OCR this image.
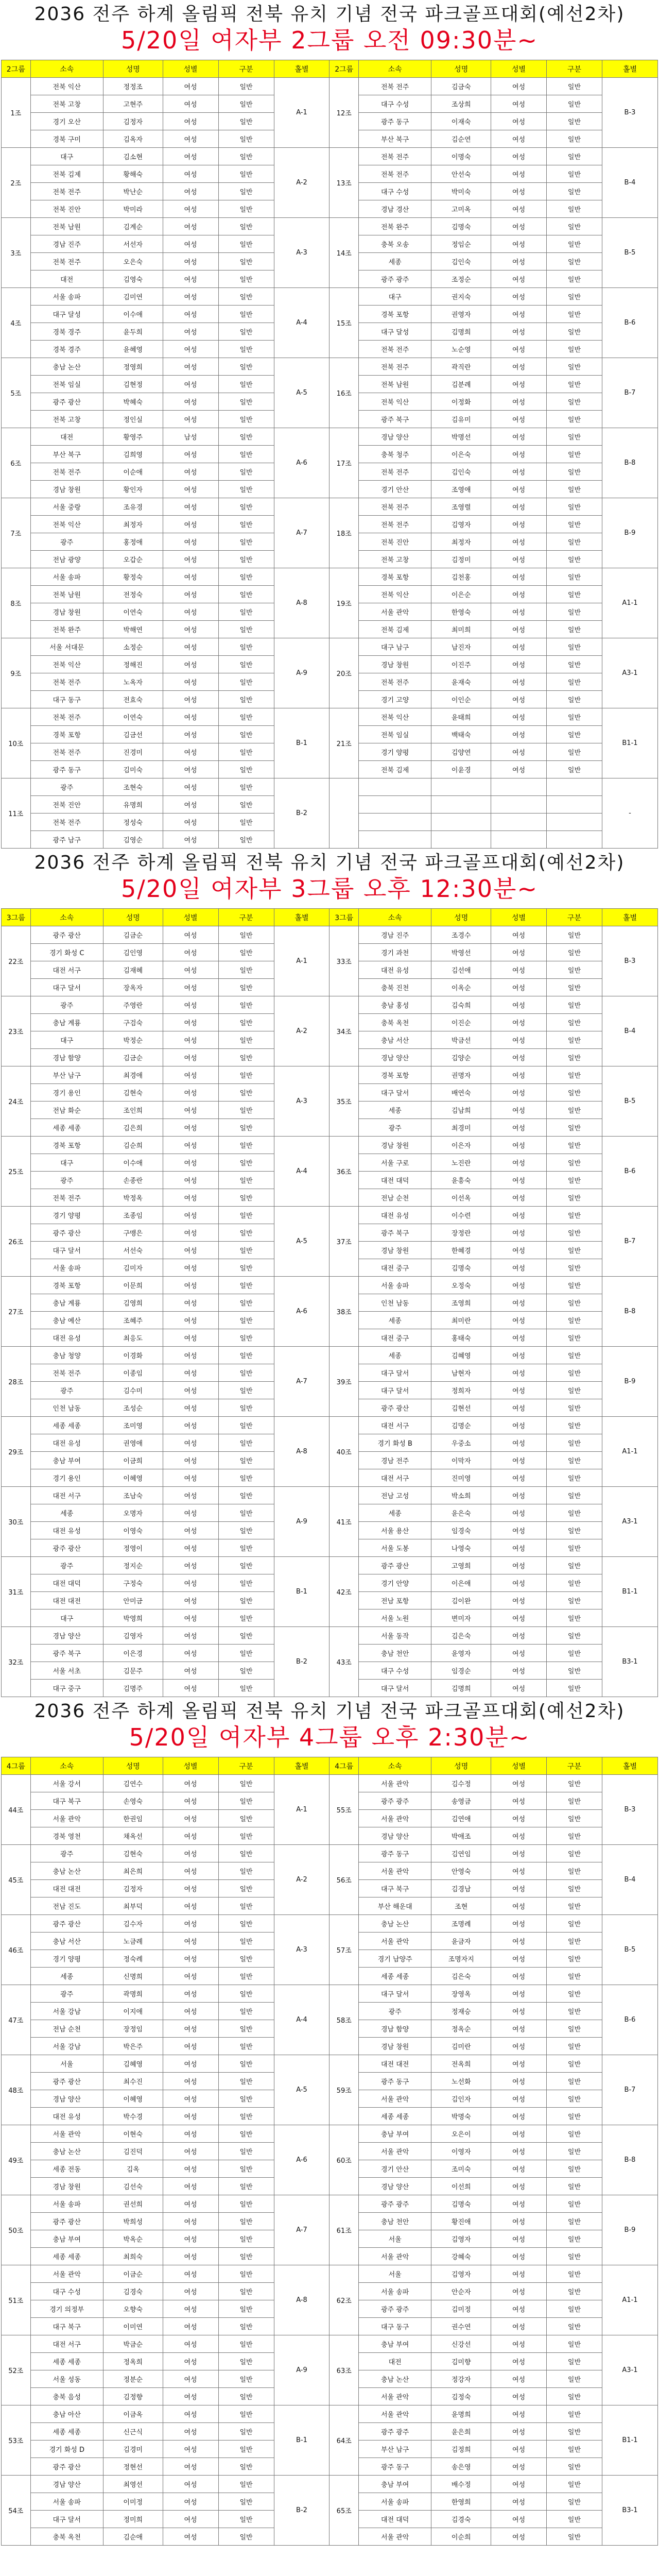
2036 전주 하계 올림픽 전북 유치 기념 전국 파크골프대회(예선2차)
5/20일 여자부 2그룹 오전 09:30분~
2그룹	소속	성명	성별	구분	홀별	2그룹	소속	성명	성별	구분	홀별
1조	전북 익산	정정조	여성	일반	A-1	12조	전북 전주	김금숙	여성	일반	B-3
	전북 고창	고현주	여성	일반			대구 수성	조상희	여성	일반	
	경기 오산	김정자	여성	일반			광주 동구	이재숙	여성	일반	
	경북 구미	김옥자	여성	일반			부산 북구	김순연	여성	일반	
2조	대구	김소현	여성	일반	A-2	13조	전북 전주	이명숙	여성	일반	B-4
	전북 김제	황해숙	여성	일반			전북 전주	안선숙	여성	일반	
	전북 전주	박난순	여성	일반			대구 수성	박미숙	여성	일반	
	전북 진안	박미라	여성	일반			경남 경산	고미옥	여성	일반	
3조	전북 남원	김계순	여성	일반	A-3	14조	전북 완주	김명숙	여성	일반	B-5
	경남 진주	서선자	여성	일반			충북 오송	정임순	여성	일반	
	전북 전주	오은숙	여성	일반			세종	김인숙	여성	일반	
	대전	김영숙	여성	일반			광주 광주	조정순	여성	일반	
4조	서울 송파	김미연	여성	일반	A-4	15조	대구	권지숙	여성	일반	B-6
	대구 달성	이수애	여성	일반			경북 포항	권영자	여성	일반	
	경북 경주	윤두희	여성	일반			대구 달성	김명희	여성	일반	
	경북 경주	윤혜영	여성	일반			전북 전주	노순영	여성	일반	
5조	충남 논산	정영희	여성	일반	A-5	16조	전북 전주	곽직란	여성	일반	B-7
	전북 임실	김현정	여성	일반			전북 남원	김분례	여성	일반	
	광주 광산	박혜숙	여성	일반			전북 익산	이정화	여성	일반	
	전북 고창	정인실	여성	일반			광주 북구	김유미	여성	일반	
6조	대전	황영주	남성	일반	A-6	17조	경남 양산	박명선	여성	일반	B-8
	부산 북구	김희영	여성	일반			충북 청주	이은숙	여성	일반	
	전북 전주	이순애	여성	일반			전북 전주	김인숙	여성	일반	
	경남 창원	황인자	여성	일반			경기 안산	조영애	여성	일반	
7조	서울 중랑	조유경	여성	일반	A-7	18조	전북 전주	조영렬	여성	일반	B-9
	전북 익산	최정자	여성	일반			전북 전주	김영자	여성	일반	
	광주	홍정애	여성	일반			전북 진안	최정자	여성	일반	
	전남 광양	오갑순	여성	일반			전북 고창	김정미	여성	일반	
8조	서울 송파	황정숙	여성	일반	A-8	19조	경북 포항	김천홍	여성	일반	A1-1
	전북 남원	전정숙	여성	일반			전북 익산	이은순	여성	일반	
	경남 창원	이연숙	여성	일반			서울 관악	한영숙	여성	일반	
	전북 완주	박해연	여성	일반			전북 김제	최미희	여성	일반	
9조	서울 서대문	소정순	여성	일반	A-9	20조	대구 남구	남진자	여성	일반	A3-1
	전북 익산	정해진	여성	일반			경남 창원	이진주	여성	일반	
	전북 전주	노옥자	여성	일반			전북 전주	윤재숙	여성	일반	
	대구 동구	전효숙	여성	일반			경기 고양	이인순	여성	일반	
10조	전북 전주	이연숙	여성	일반	B-1	21조	전북 익산	윤태희	여성	일반	B1-1
	경북 포항	김금선	여성	일반			전북 임실	백태숙	여성	일반	
	전북 전주	진경미	여성	일반			경기 양평	김양연	여성	일반	
	광주 동구	김미숙	여성	일반			전북 김제	이윤경	여성	일반	
11조	광주	조현숙	여성	일반	B-2						-
	전북 진안	유명희	여성	일반							
	전북 전주	정성숙	여성	일반							
	광주 남구	김영순	여성	일반							
2036 전주 하계 올림픽 전북 유치 기념 전국 파크골프대회(예선2차)
5/20일 여자부 3그룹 오후 12:30분~
3그룹	소속	성명	성별	구분	홀별	3그룹	소속	성명	성별	구분	홀별
22조	광주 광산	김금순	여성	일반	A-1	33조	경남 진주	조경수	여성	일반	B-3
	경기 화성 C	김인영	여성	일반			경기 과천	박영선	여성	일반	
	대전 서구	김재혜	여성	일반			대전 유성	김선애	여성	일반	
	대구 달서	장옥자	여성	일반			충북 진천	이옥순	여성	일반	
23조	광주	주영란	여성	일반	A-2	34조	충남 홍성	김숙희	여성	일반	B-4
	충남 계룡	구검숙	여성	일반			충북 옥천	이진순	여성	일반	
	대구	박정순	여성	일반			충남 서산	박금선	여성	일반	
	경남 함양	김금순	여성	일반			경남 양산	김양순	여성	일반	
24조	부산 남구	최경애	여성	일반	A-3	35조	경북 포항	권명자	여성	일반	B-5
	경기 용인	김현숙	여성	일반			대구 달서	배연숙	여성	일반	
	전남 화순	조인희	여성	일반			세종	김남희	여성	일반	
	세종 세종	김은희	여성	일반			광주	최경미	여성	일반	
25조	경북 포항	김순희	여성	일반	A-4	36조	경남 창원	이은자	여성	일반	B-6
	대구	이수애	여성	일반			서울 구로	노진란	여성	일반	
	광주	손종란	여성	일반			대전 대덕	윤흥숙	여성	일반	
	전북 전주	박정옥	여성	일반			전남 순천	이선옥	여성	일반	
26조	경기 양평	조종임	여성	일반	A-5	37조	대전 유성	이수련	여성	일반	B-7
	광주 광산	구맹은	여성	일반			광주 북구	장정란	여성	일반	
	대구 달서	서선숙	여성	일반			경남 창원	한혜경	여성	일반	
	서울 송파	김미자	여성	일반			대전 중구	김명숙	여성	일반	
27조	경북 포항	이문희	여성	일반	A-6	38조	서울 송파	오정숙	여성	일반	B-8
	충남 계룡	김영희	여성	일반			인천 남동	조영희	여성	일반	
	충남 예산	조혜주	여성	일반			세종	최미란	여성	일반	
	대전 유성	최응도	여성	일반			대전 중구	홍태숙	여성	일반	
28조	충남 청양	이경화	여성	일반	A-7	39조	세종	김혜영	여성	일반	B-9
	전북 전주	이종임	여성	일반			대구 달서	남현자	여성	일반	
	광주	김수미	여성	일반			대구 달서	정희자	여성	일반	
	인천 남동	조성순	여성	일반			광주 광산	김현선	여성	일반	
29조	세종 세종	조미영	여성	일반	A-8	40조	대전 서구	김명순	여성	일반	A1-1
	대전 유성	권영애	여성	일반			경기 화성 B	우중소	여성	일반	
	충남 부여	이금희	여성	일반			경남 전주	이막자	여성	일반	
	경기 용인	이혜영	여성	일반			대전 서구	진미영	여성	일반	
30조	대전 서구	조남숙	여성	일반	A-9	41조	전남 고성	박소희	여성	일반	A3-1
	세종	오명자	여성	일반			세종	윤은숙	여성	일반	
	대전 유성	이영숙	여성	일반			서울 용산	임경숙	여성	일반	
	광주 광산	정영이	여성	일반			서울 도봉	나영숙	여성	일반	
31조	광주	정지순	여성	일반	B-1	42조	광주 광산	고영희	여성	일반	B1-1
	대전 대덕	구정숙	여성	일반			경기 안양	이은애	여성	일반	
	대전 대전	안미금	여성	일반			전남 포항	김이완	여성	일반	
	대구	박영희	여성	일반			서울 노원	변미자	여성	일반	
32조	경남 양산	김영자	여성	일반	B-2	43조	서울 동작	김은숙	여성	일반	B3-1
	광주 북구	이은경	여성	일반			충남 천안	윤영자	여성	일반	
	서울 서초	김문주	여성	일반			대구 수성	임경순	여성	일반	
	대구 중구	김명주	여성	일반			대구 달서	김명희	여성	일반	
2036 전주 하계 올림픽 전북 유치 기념 전국 파크골프대회(예선2차)
5/20일 여자부 4그룹 오후 2:30분~
4그룹	소속	성명	성별	구분	홀별	4그룹	소속	성명	성별	구분	홀별
44조	서울 강서	김연수	여성	일반	A-1	55조	서울 관악	김수정	여성	일반	B-3
	대구 북구	손영숙	여성	일반			광주 광주	송영금	여성	일반	
	서울 관악	한권임	여성	일반			서울 관악	김연애	여성	일반	
	경북 영천	채옥선	여성	일반			경남 양산	박애조	여성	일반	
45조	광주	김현숙	여성	일반	A-2	56조	광주 동구	김연임	여성	일반	B-4
	충남 논산	최은희	여성	일반			서울 관악	안영숙	여성	일반	
	대전 대전	김정자	여성	일반			대구 북구	김경남	여성	일반	
	전남 진도	최부덕	여성	일반			부산 해운대	조현	여성	일반	
46조	광주 광산	김수자	여성	일반	A-3	57조	충남 논산	조명례	여성	일반	B-5
	충남 서산	노금례	여성	일반			서울 관악	윤금자	여성	일반	
	경기 양평	정숙례	여성	일반			경기 남양주	조명자지	여성	일반	
	세종	신명희	여성	일반			세종 세종	김은숙	여성	일반	
47조	광주	곽명희	여성	일반	A-4	58조	대구 달서	장영옥	여성	일반	B-6
	서울 강남	이지애	여성	일반			광주	정재승	여성	일반	
	전남 순천	장정임	여성	일반			경남 함양	정옥순	여성	일반	
	서울 강남	박은주	여성	일반			경남 창원	김미란	여성	일반	
48조	서울	김혜영	여성	일반	A-5	59조	대전 대전	전옥희	여성	일반	B-7
	광주 광산	최수진	여성	일반			광주 동구	노선화	여성	일반	
	경남 양산	이혜영	여성	일반			서울 관악	김인자	여성	일반	
	대전 유성	박수경	여성	일반			세종 세종	박명숙	여성	일반	
49조	서울 관악	이현숙	여성	일반	A-6	60조	충남 부여	오은이	여성	일반	B-8
	충남 논산	김진덕	여성	일반			서울 관악	이영자	여성	일반	
	세종 전동	김옥	여성	일반			경기 안산	조미숙	여성	일반	
	경남 창원	김선숙	여성	일반			경남 양산	이선희	여성	일반	
50조	서울 송파	권선희	여성	일반	A-7	61조	광주 광주	김명숙	여성	일반	B-9
	광주 광산	박희성	여성	일반			충남 천안	황진애	여성	일반	
	충남 부여	박옥순	여성	일반			서울	김영자	여성	일반	
	세종 세종	최희숙	여성	일반			서울 관악	강혜숙	여성	일반	
51조	서울 관악	이금순	여성	일반	A-8	62조	서울	김영자	여성	일반	A1-1
	대구 수성	김경숙	여성	일반			서울 송파	안순자	여성	일반	
	경기 의정부	오향숙	여성	일반			광주 광주	김미정	여성	일반	
	대구 북구	이미연	여성	일반			대구 동구	권수연	여성	일반	
52조	대전 서구	박금순	여성	일반	A-9	63조	충남 부여	신강선	여성	일반	A3-1
	세종 세종	정옥희	여성	일반			대전	김미향	여성	일반	
	서울 성동	정분순	여성	일반			충남 논산	정강자	여성	일반	
	충북 음성	김정향	여성	일반			서울 관악	김정숙	여성	일반	
53조	충남 아산	이금옥	여성	일반	B-1	64조	서울 관악	윤명희	여성	일반	B1-1
	세종 세종	신근식	여성	일반			광주 광주	윤은희	여성	일반	
	경기 화성 D	김경미	여성	일반			부산 남구	김정희	여성	일반	
	광주 광산	정현선	여성	일반			광주 동구	송은영	여성	일반	
54조	경남 양산	최영선	여성	일반	B-2	65조	충남 부여	배수정	여성	일반	B3-1
	서울 송파	이미정	여성	일반			서울 송파	한영희	여성	일반	
	대구 달서	정미희	여성	일반			대전 대덕	김경숙	여성	일반	
	충북 옥천	김순애	여성	일반			서울 관악	이순희	여성	일반	
